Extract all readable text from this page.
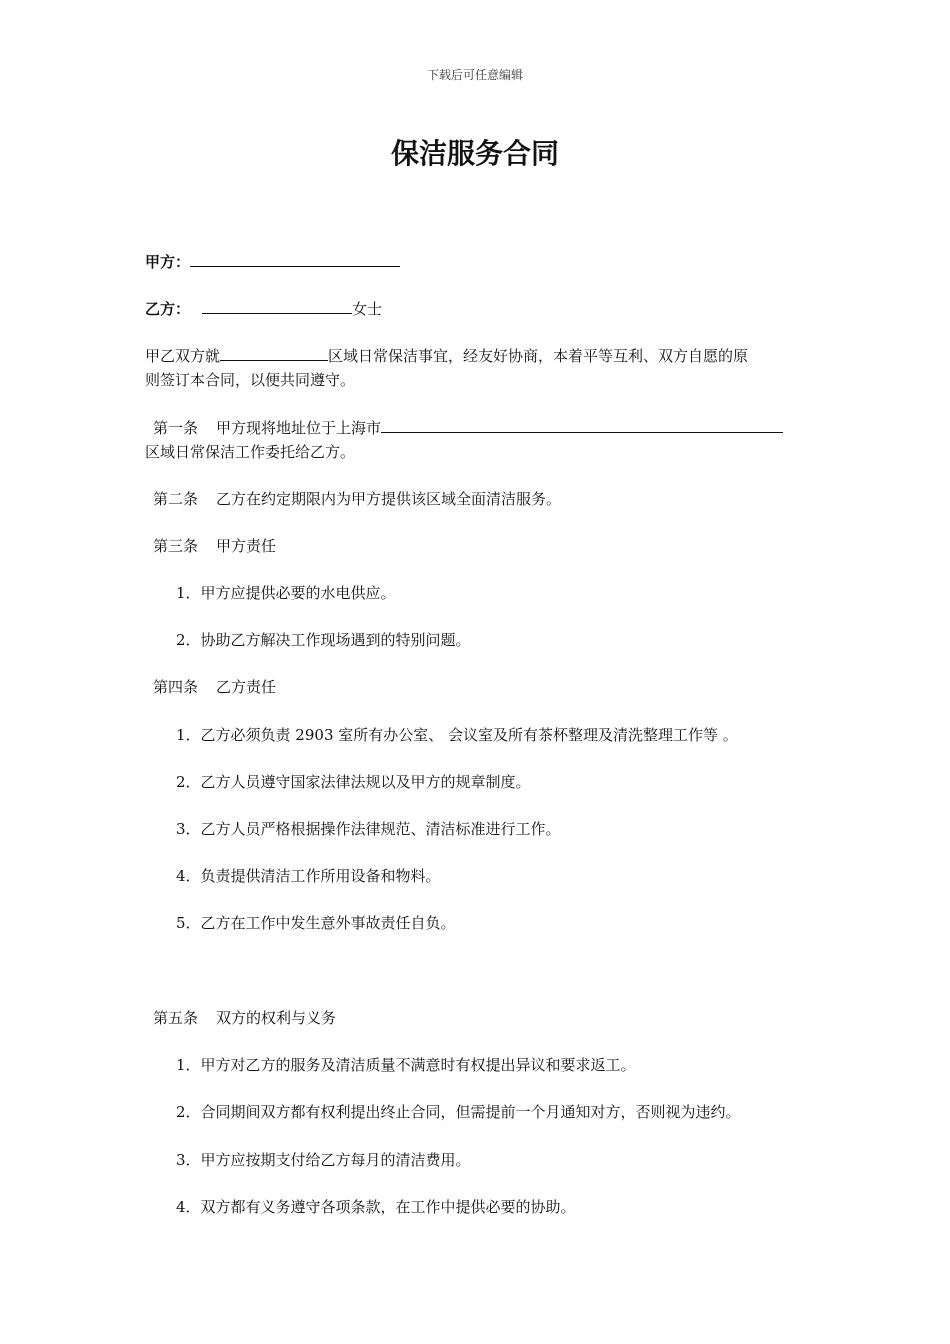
下载后可任意编辑
保洁服务合同
甲方：
乙方：	女士
甲乙双方就	区域日常保洁事宜，经友好协商，本着平等互利、双方自愿的原
则签订本合同，以便共同遵守。
第一条 甲方现将地址位于上海市
区域日常保洁工作委托给乙方。
第二条 乙方在约定期限内为甲方提供该区域全面清洁服务。
第三条 甲方责任
1．甲方应提供必要的水电供应。
2．协助乙方解决工作现场遇到的特别问题。
第四条 乙方责任
1．乙方必须负责 2903 室所有办公室、 会议室及所有茶杯整理及清洗整理工作等 。
2．乙方人员遵守国家法律法规以及甲方的规章制度。
3．乙方人员严格根据操作法律规范、清洁标准进行工作。
4．负责提供清洁工作所用设备和物料。
5．乙方在工作中发生意外事故责任自负。
第五条 双方的权利与义务
1．甲方对乙方的服务及清洁质量不满意时有权提出异议和要求返工。
2．合同期间双方都有权利提出终止合同，但需提前一个月通知对方，否则视为违约。
3．甲方应按期支付给乙方每月的清洁费用。
4．双方都有义务遵守各项条款，在工作中提供必要的协助。
